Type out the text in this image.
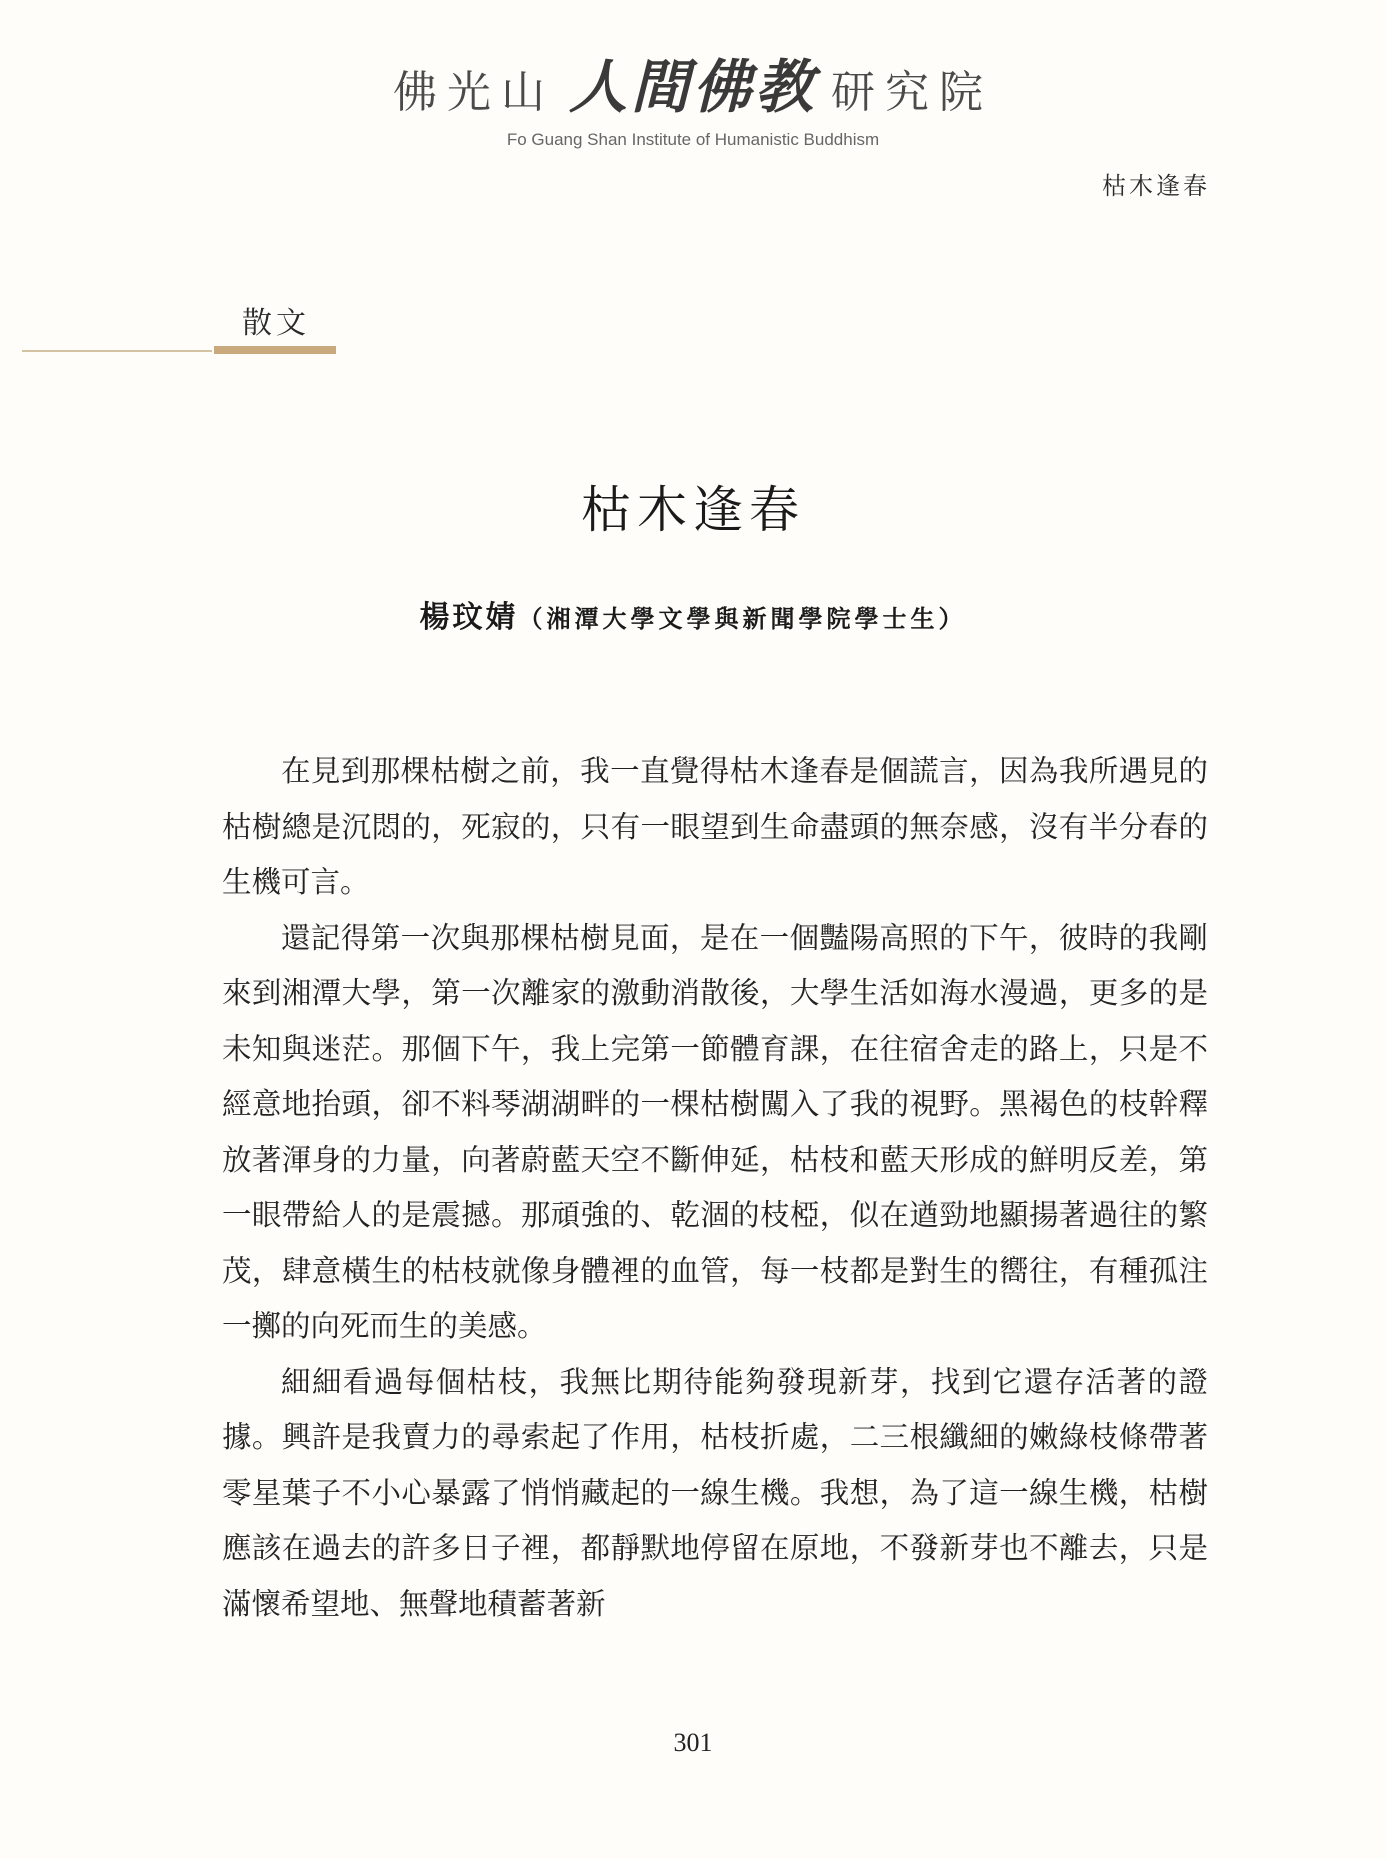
佛光山 人間佛教 研究院
Fo Guang Shan Institute of Humanistic Buddhism
枯木逢春
散文
枯木逢春
楊玟婧（湘潭大學文學與新聞學院學士生）

在見到那棵枯樹之前，我一直覺得枯木逢春是個謊言，因為我所遇見的枯樹總是沉悶的，死寂的，只有一眼望到生命盡頭的無奈感，沒有半分春的生機可言。

還記得第一次與那棵枯樹見面，是在一個豔陽高照的下午，彼時的我剛來到湘潭大學，第一次離家的激動消散後，大學生活如海水漫過，更多的是未知與迷茫。那個下午，我上完第一節體育課，在往宿舍走的路上，只是不經意地抬頭，卻不料琴湖湖畔的一棵枯樹闖入了我的視野。黑褐色的枝幹釋放著渾身的力量，向著蔚藍天空不斷伸延，枯枝和藍天形成的鮮明反差，第一眼帶給人的是震撼。那頑強的、乾涸的枝椏，似在遒勁地顯揚著過往的繁茂，肆意橫生的枯枝就像身體裡的血管，每一枝都是對生的嚮往，有種孤注一擲的向死而生的美感。

細細看過每個枯枝，我無比期待能夠發現新芽，找到它還存活著的證據。興許是我賣力的尋索起了作用，枯枝折處，二三根纖細的嫩綠枝條帶著零星葉子不小心暴露了悄悄藏起的一線生機。我想，為了這一線生機，枯樹應該在過去的許多日子裡，都靜默地停留在原地，不發新芽也不離去，只是滿懷希望地、無聲地積蓄著新

301
